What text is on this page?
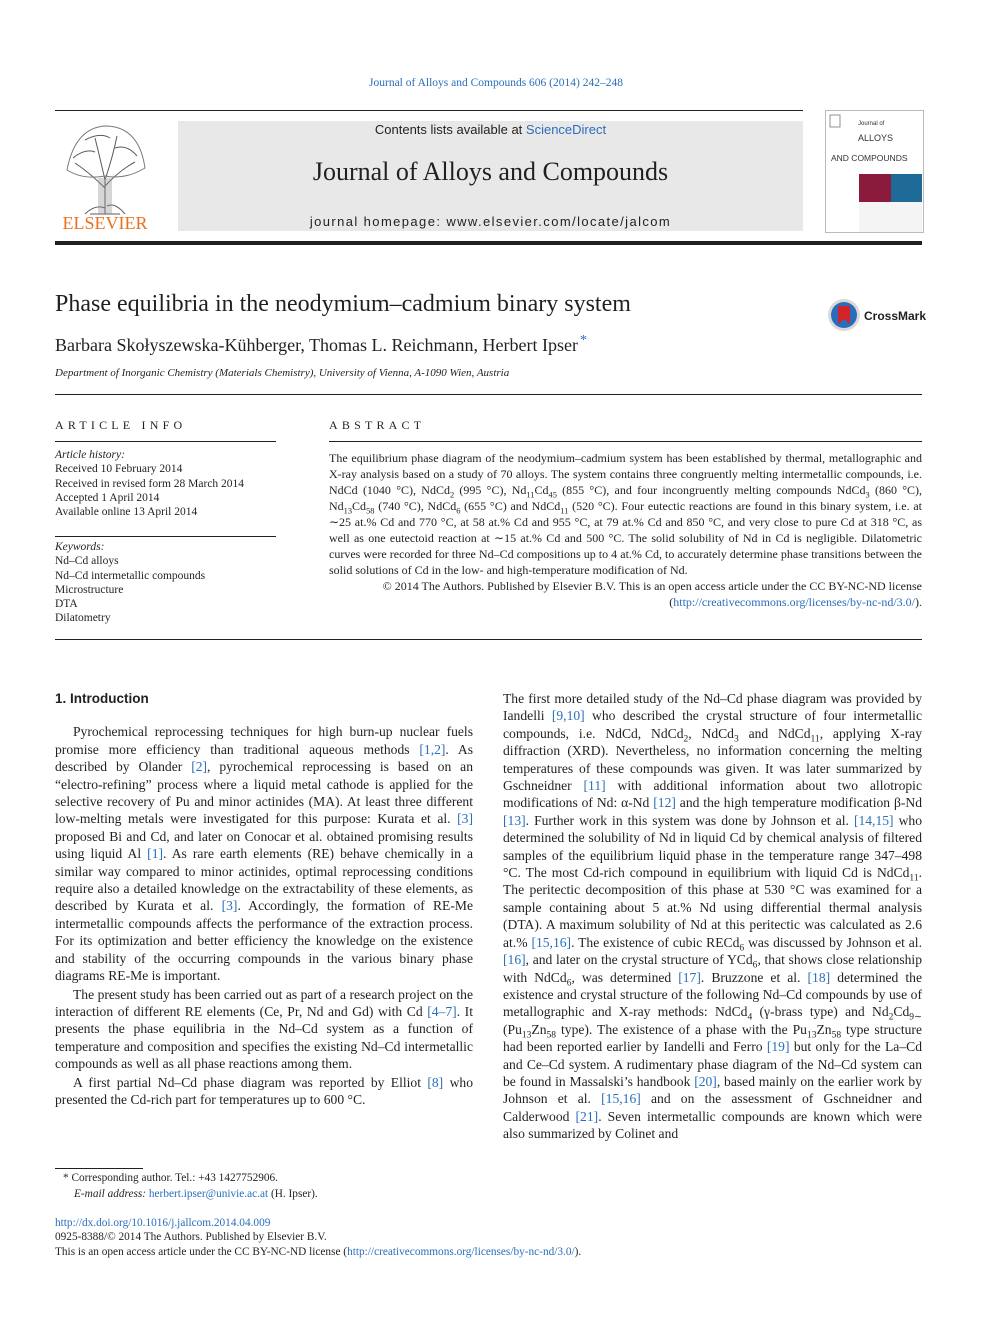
Journal of Alloys and Compounds 606 (2014) 242–248
ELSEVIER
Contents lists available at ScienceDirect
Journal of Alloys and Compounds
journal homepage: www.elsevier.com/locate/jalcom
Journal of
ALLOYS
AND COMPOUNDS
Phase equilibria in the neodymium–cadmium binary system	CrossMark
Barbara Skołyszewska-Kühberger, Thomas L. Reichmann, Herbert Ipser *
Department of Inorganic Chemistry (Materials Chemistry), University of Vienna, A-1090 Wien, Austria
ARTICLE INFO	ABSTRACT
Article history:
Received 10 February 2014
Received in revised form 28 March 2014
Accepted 1 April 2014
Available online 13 April 2014
Keywords:
Nd–Cd alloys
Nd–Cd intermetallic compounds
Microstructure
DTA
Dilatometry
The equilibrium phase diagram of the neodymium–cadmium system has been established by thermal, metallographic and X-ray analysis based on a study of 70 alloys. The system contains three congruently melting intermetallic compounds, i.e. NdCd (1040 °C), NdCd$_2$ (995 °C), $Nd_{11}Cd_{45}$ (855 °C), and four incongruently melting compounds NdCd$_3$ (860 °C), $Nd_{13}Cd_{58}$ (740 °C), NdCd$_6$ (655 °C) and NdCd$_{11}$ (520 °C). Four eutectic reactions are found in this binary system, i.e. at ∼25 at.% Cd and 770 °C, at 58 at.% Cd and 955 °C, at 79 at.% Cd and 850 °C, and very close to pure Cd at 318 °C, as well as one eutectoid reaction at ∼15 at.% Cd and 500 °C. The solid solubility of Nd in Cd is negligible. Dilatometric curves were recorded for three Nd–Cd compositions up to 4 at.% Cd, to accurately determine phase transitions between the solid solutions of Cd in the low- and high-temperature modification of Nd.
© 2014 The Authors. Published by Elsevier B.V. This is an open access article under the CC BY-NC-ND license (http://creativecommons.org/licenses/by-nc-nd/3.0/).
1. Introduction

Pyrochemical reprocessing techniques for high burn-up nuclear fuels promise more efficiency than traditional aqueous methods [1,2]. As described by Olander [2], pyrochemical reprocessing is based on an “electro-refining” process where a liquid metal cathode is applied for the selective recovery of Pu and minor actinides (MA). At least three different low-melting metals were investigated for this purpose: Kurata et al. [3] proposed Bi and Cd, and later on Conocar et al. obtained promising results using liquid Al [1]. As rare earth elements (RE) behave chemically in a similar way compared to minor actinides, optimal reprocessing conditions require also a detailed knowledge on the extractability of these elements, as described by Kurata et al. [3]. Accordingly, the formation of RE-Me intermetallic compounds affects the performance of the extraction process. For its optimization and better efficiency the knowledge on the existence and stability of the occurring compounds in the various binary phase diagrams RE-Me is important.

The present study has been carried out as part of a research project on the interaction of different RE elements (Ce, Pr, Nd and Gd) with Cd [4–7]. It presents the phase equilibria in the Nd–Cd system as a function of temperature and composition and specifies the existing Nd–Cd intermetallic compounds as well as all phase reactions among them.

A first partial Nd–Cd phase diagram was reported by Elliot [8] who presented the Cd-rich part for temperatures up to 600 °C.

The first more detailed study of the Nd–Cd phase diagram was provided by Iandelli [9,10] who described the crystal structure of four intermetallic compounds, i.e. NdCd, NdCd$_2$, NdCd$_3$ and NdCd$_{11}$, applying X-ray diffraction (XRD). Nevertheless, no information concerning the melting temperatures of these compounds was given. It was later summarized by Gschneidner [11] with additional information about two allotropic modifications of Nd: α-Nd [12] and the high temperature modification β-Nd [13]. Further work in this system was done by Johnson et al. [14,15] who determined the solubility of Nd in liquid Cd by chemical analysis of filtered samples of the equilibrium liquid phase in the temperature range 347–498 °C. The most Cd-rich compound in equilibrium with liquid Cd is NdCd$_{11}$. The peritectic decomposition of this phase at 530 °C was examined for a sample containing about 5 at.% Nd using differential thermal analysis (DTA). A maximum solubility of Nd at this peritectic was calculated as 2.6 at.% [15,16]. The existence of cubic RECd$_6$ was discussed by Johnson et al. [16], and later on the crystal structure of YCd$_6$, that shows close relationship with NdCd$_6$, was determined [17]. Bruzzone et al. [18] determined the existence and crystal structure of the following Nd–Cd compounds by use of metallographic and X-ray methods: NdCd$_4$ (γ-brass type) and $Nd_2Cd_{9\sim}$ ($Pu_{13}Zn_{58}$ type). The existence of a phase with the $Pu_{13}Zn_{58}$ type structure had been reported earlier by Iandelli and Ferro [19] but only for the La–Cd and Ce–Cd system. A rudimentary phase diagram of the Nd–Cd system can be found in Massalski’s handbook [20], based mainly on the earlier work by Johnson et al. [15,16] and on the assessment of Gschneidner and Calderwood [21]. Seven intermetallic compounds are known which were also summarized by Colinet and

* Corresponding author. Tel.: +43 1427752906.
E-mail address: herbert.ipser@univie.ac.at (H. Ipser).
http://dx.doi.org/10.1016/j.jallcom.2014.04.009
0925-8388/© 2014 The Authors. Published by Elsevier B.V.
This is an open access article under the CC BY-NC-ND license (http://creativecommons.org/licenses/by-nc-nd/3.0/).
